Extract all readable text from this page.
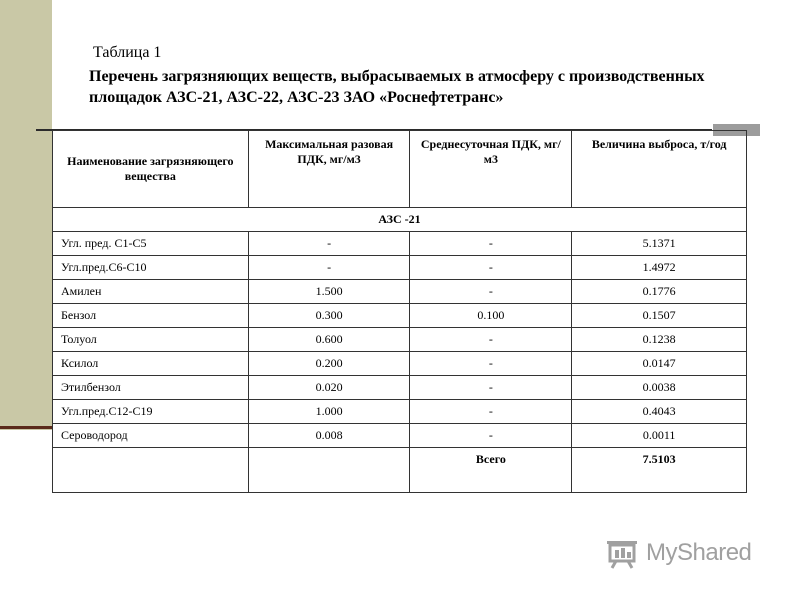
Таблица 1
Перечень загрязняющих веществ, выбрасываемых в атмосферу с производственных площадок АЗС-21, АЗС-22, АЗС-23 ЗАО «Роснефтетранс»
Наименование загрязняющего вещества	Максимальная разовая ПДК, мг/м3	Среднесуточная ПДК, мг/м3	Величина выброса, т/год
АЗС -21			
Угл. пред. С1-С5	-	-	5.1371
Угл.пред.С6-С10	-	-	1.4972
Амилен	1.500	-	0.1776
Бензол	0.300	0.100	0.1507
Толуол	0.600	-	0.1238
Ксилол	0.200	-	0.0147
Этилбензол	0.020	-	0.0038
Угл.пред.С12-С19	1.000	-	0.4043
Сероводород	0.008	-	0.0011
		Всего	7.5103
MyShared
